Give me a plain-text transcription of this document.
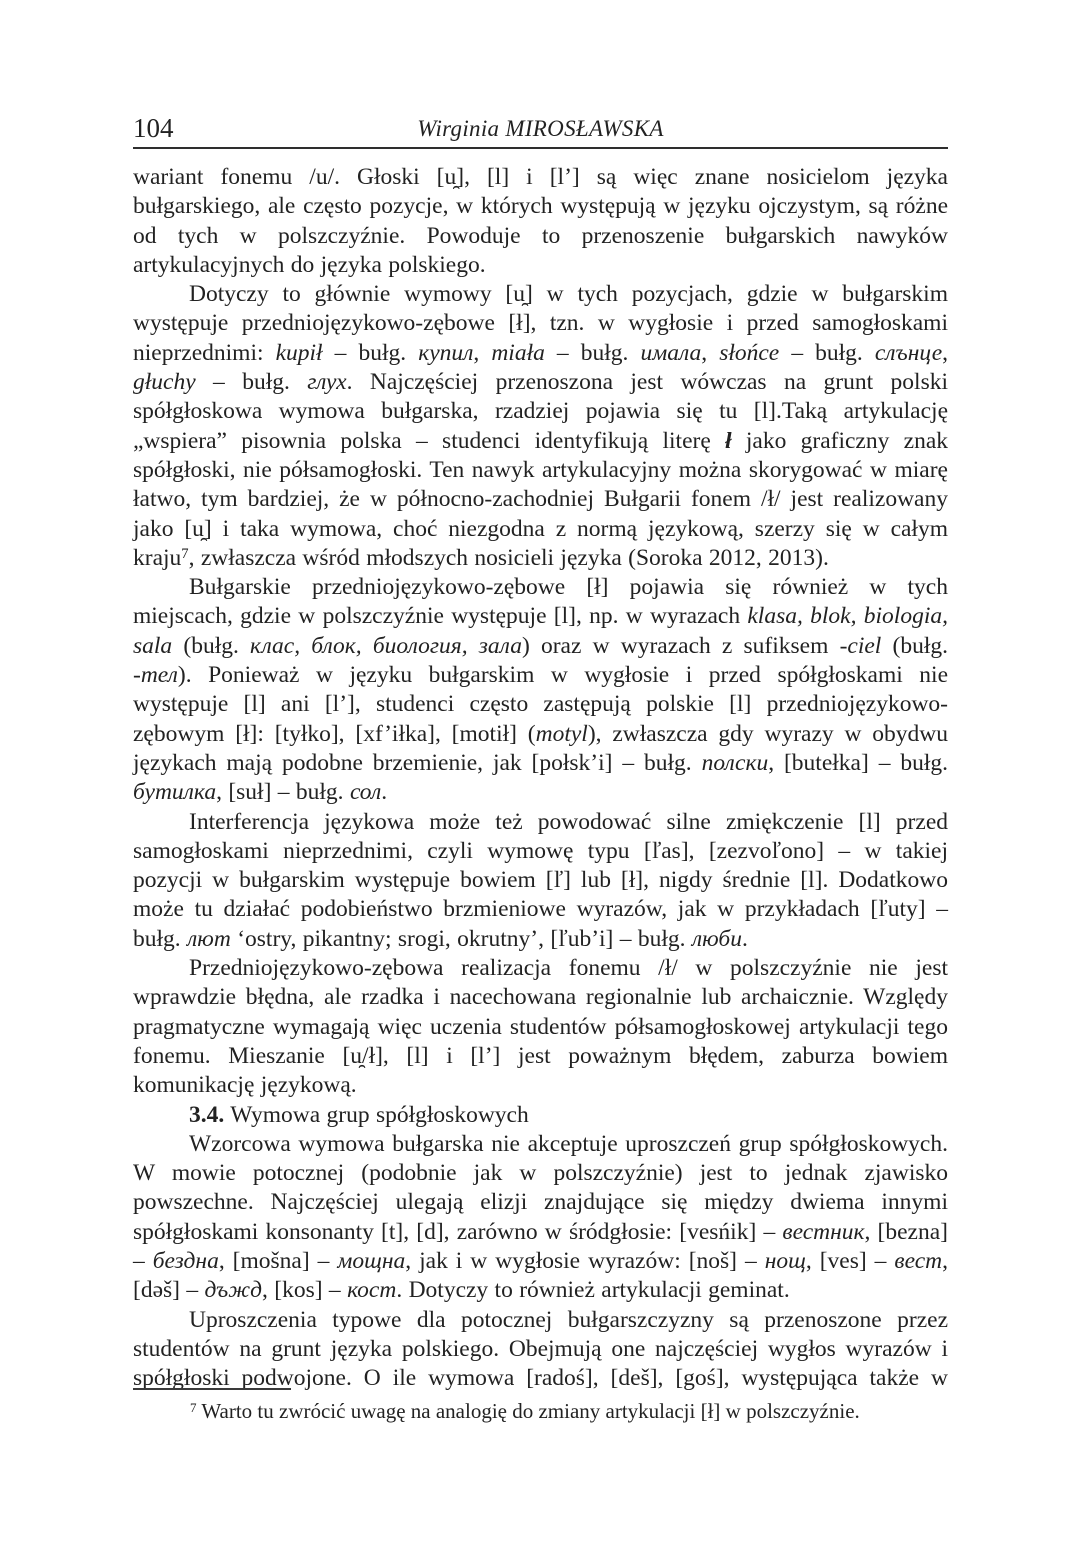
104	Wirginia MIROSŁAWSKA

wariant fonemu /u/. Głoski [u̯], [l] i [lʼ] są więc znane nosicielom języka bułgarskiego, ale często pozycje, w których występują w języku ojczystym, są różne od tych w polszczyźnie. Powoduje to przenoszenie bułgarskich nawyków artykulacyjnych do języka polskiego.

Dotyczy to głównie wymowy [u̯] w tych pozycjach, gdzie w bułgarskim występuje przedniojęzykowo-zębowe [ł], tzn. w wygłosie i przed samogłoskami nieprzednimi: kupił – bułg. купил, miała – bułg. имала, słońce – bułg. слънце, głuchy – bułg. глух. Najczęściej przenoszona jest wówczas na grunt polski spółgłoskowa wymowa bułgarska, rzadziej pojawia się tu [l].Taką artykulację „wspiera” pisownia polska – studenci identyfikują literę ł jako graficzny znak spółgłoski, nie półsamogłoski. Ten nawyk artykulacyjny można skorygować w miarę łatwo, tym bardziej, że w północno-zachodniej Bułgarii fonem /ł/ jest realizowany jako [u̯] i taka wymowa, choć niezgodna z normą językową, szerzy się w całym kraju$^7$, zwłaszcza wśród młodszych nosicieli języka (Soroka 2012, 2013).

Bułgarskie przedniojęzykowo-zębowe [ł] pojawia się również w tych miejscach, gdzie w polszczyźnie występuje [l], np. w wyrazach klasa, blok, biologia, sala (bułg. клас, блок, биология, зала) oraz w wyrazach z sufiksem -ciel (bułg. -тел). Ponieważ w języku bułgarskim w wygłosie i przed spółgłoskami nie występuje [l] ani [lʼ], studenci często zastępują polskie [l] przedniojęzykowo-zębowym [ł]: [tyłko], [xf’iłka], [motił] (motyl), zwłaszcza gdy wyrazy w obydwu językach mają podobne brzemienie, jak [połsk’i] – bułg. полски, [butełka] – bułg. бутилка, [suł] – bułg. сол.

Interferencja językowa może też powodować silne zmiękczenie [l] przed samogłoskami nieprzednimi, czyli wymowę typu [ľas], [zezvoľono] – w takiej pozycji w bułgarskim występuje bowiem [ľ] lub [ł], nigdy średnie [l]. Dodatkowo może tu działać podobieństwo brzmieniowe wyrazów, jak w przykładach [ľuty] – bułg. лют ‘ostry, pikantny; srogi, okrutny’, [ľub’i] – bułg. люби.

Przedniojęzykowo-zębowa realizacja fonemu /ł/ w polszczyźnie nie jest wprawdzie błędna, ale rzadka i nacechowana regionalnie lub archaicznie. Względy pragmatyczne wymagają więc uczenia studentów półsamogłoskowej artykulacji tego fonemu. Mieszanie [u̯/ł], [l] i [lʼ] jest poważnym błędem, zaburza bowiem komunikację językową.

3.4. Wymowa grup spółgłoskowych

Wzorcowa wymowa bułgarska nie akceptuje uproszczeń grup spółgłoskowych. W mowie potocznej (podobnie jak w polszczyźnie) jest to jednak zjawisko powszechne. Najczęściej ulegają elizji znajdujące się między dwiema innymi spółgłoskami konsonanty [t], [d], zarówno w śródgłosie: [vesńik] – вестник, [bezna] – бездна, [mošna] – мощна, jak i w wygłosie wyrazów: [noš] – нощ, [ves] – вест, [dəš] – дъжд, [kos] – кост. Dotyczy to również artykulacji geminat.

Uproszczenia typowe dla potocznej bułgarszczyzny są przenoszone przez studentów na grunt języka polskiego. Obejmują one najczęściej wygłos wyrazów i spółgłoski podwojone. O ile wymowa [radoś], [deš], [goś], występująca także w

$^7$ Warto tu zwrócić uwagę na analogię do zmiany artykulacji [ł] w polszczyźnie.
